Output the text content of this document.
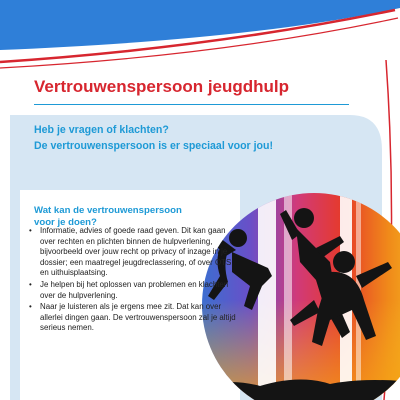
Vertrouwenspersoon jeugdhulp
Heb je vragen of klachten?
De vertrouwenspersoon is er speciaal voor jou!
Wat kan de vertrouwenspersoon
voor je doen?
• Informatie, advies of goede raad geven. Dit kan gaan over rechten en plichten binnen de hulpverlening, bijvoorbeeld over jouw recht op privacy of inzage in je dossier; een maatregel jeugdreclassering, of over OTS en uithuisplaatsing.
• Je helpen bij het oplossen van problemen en klachten over de hulpverlening.
• Naar je luisteren als je ergens mee zit. Dat kan over allerlei dingen gaan. De vertrouwenspersoon zal je altijd serieus nemen.
